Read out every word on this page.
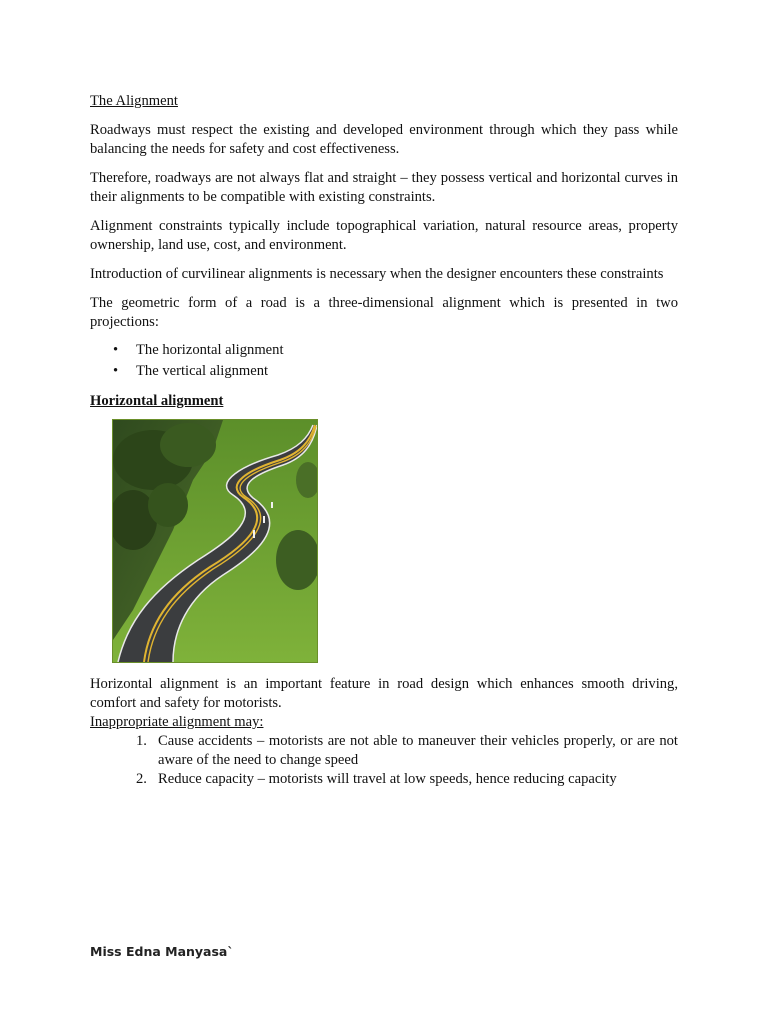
The Alignment

Roadways must respect the existing and developed environment through which they pass while balancing the needs for safety and cost effectiveness.

Therefore, roadways are not always flat and straight – they possess vertical and horizontal curves in their alignments to be compatible with existing constraints.

Alignment constraints typically include topographical variation, natural resource areas, property ownership, land use, cost, and environment.

Introduction of curvilinear alignments is necessary when the designer encounters these constraints

The geometric form of a road is a three-dimensional alignment which is presented in two projections:

• The horizontal alignment
• The vertical alignment

Horizontal alignment

Horizontal alignment is an important feature in road design which enhances smooth driving, comfort and safety for motorists.

Inappropriate alignment may:

1. Cause accidents – motorists are not able to maneuver their vehicles properly, or are not aware of the need to change speed
2. Reduce capacity – motorists will travel at low speeds, hence reducing capacity
Miss Edna Manyasa`
